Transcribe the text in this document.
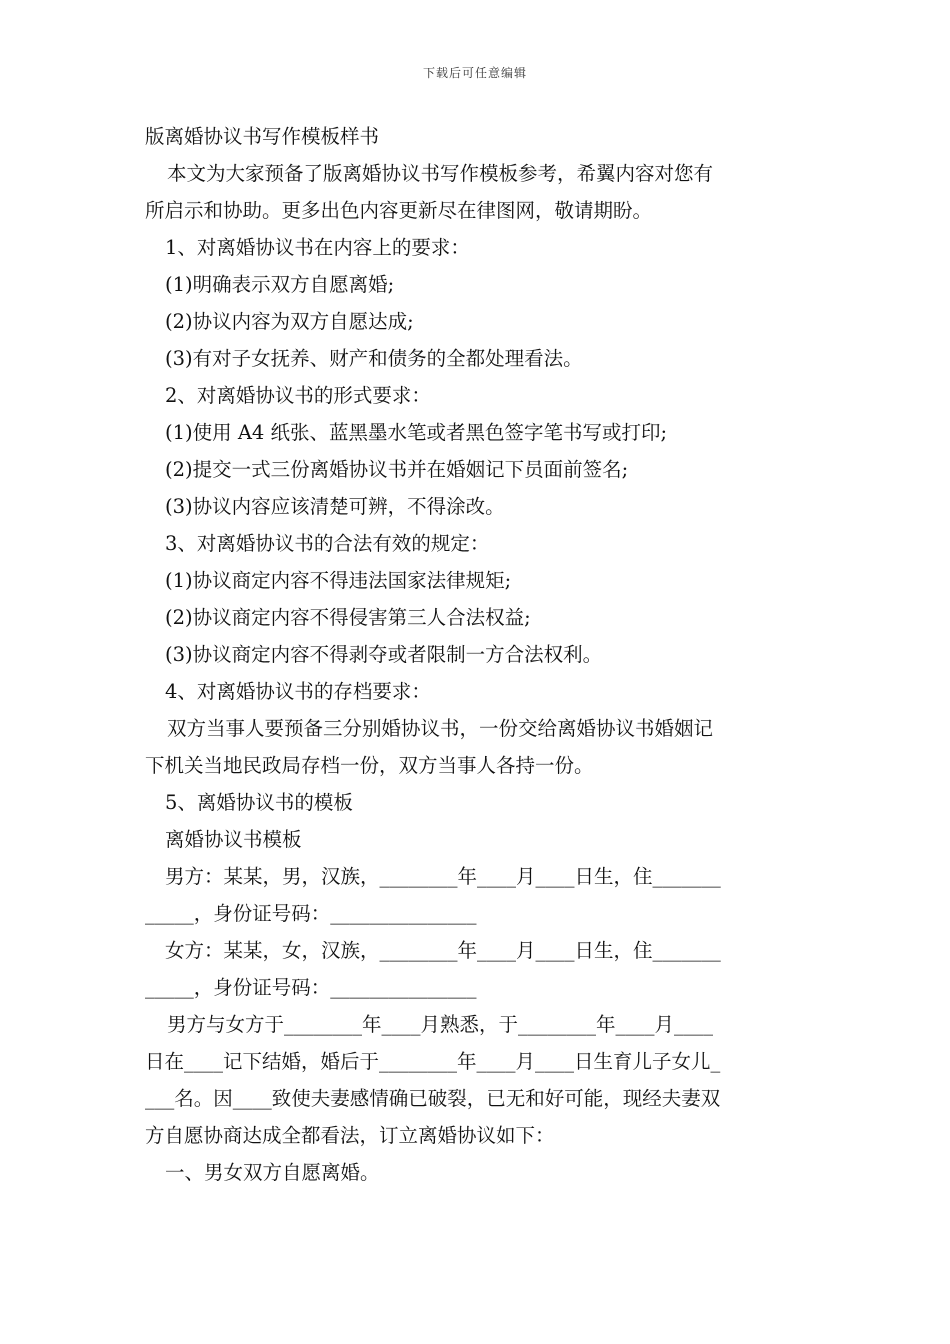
下载后可任意编辑
版离婚协议书写作模板样书
本文为大家预备了版离婚协议书写作模板参考，希翼内容对您有
所启示和协助。更多出色内容更新尽在律图网，敬请期盼。
1、对离婚协议书在内容上的要求：
(1)明确表示双方自愿离婚;
(2)协议内容为双方自愿达成;
(3)有对子女抚养、财产和债务的全都处理看法。
2、对离婚协议书的形式要求：
(1)使用 A4 纸张、蓝黑墨水笔或者黑色签字笔书写或打印;
(2)提交一式三份离婚协议书并在婚姻记下员面前签名;
(3)协议内容应该清楚可辨，不得涂改。
3、对离婚协议书的合法有效的规定：
(1)协议商定内容不得违法国家法律规矩;
(2)协议商定内容不得侵害第三人合法权益;
(3)协议商定内容不得剥夺或者限制一方合法权利。
4、对离婚协议书的存档要求：
双方当事人要预备三分别婚协议书，一份交给离婚协议书婚姻记
下机关当地民政局存档一份，双方当事人各持一份。
5、离婚协议书的模板
离婚协议书模板
男方：某某，男，汉族，________年____月____日生，住_______
_____，身份证号码：_______________
女方：某某，女，汉族，________年____月____日生，住_______
_____，身份证号码：_______________
男方与女方于________年____月熟悉，于________年____月____
日在____记下结婚，婚后于________年____月____日生育儿子女儿_
___名。因____致使夫妻感情确已破裂，已无和好可能，现经夫妻双
方自愿协商达成全都看法，订立离婚协议如下：
一、男女双方自愿离婚。
